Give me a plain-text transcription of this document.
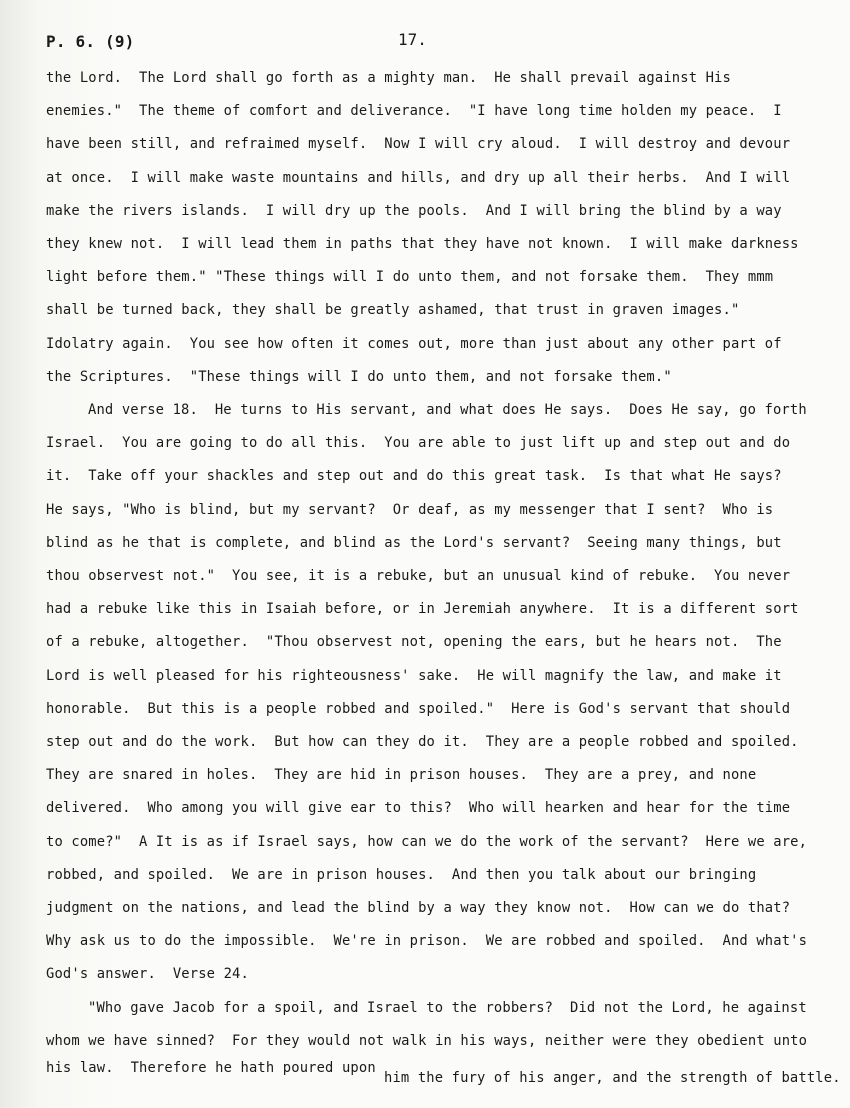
P. 6. (9)	17.
the Lord.  The Lord shall go forth as a mighty man.  He shall prevail against His
enemies."  The theme of comfort and deliverance.  "I have long time holden my peace.  I
have been still, and refraimed myself.  Now I will cry aloud.  I will destroy and devour
at once.  I will make waste mountains and hills, and dry up all their herbs.  And I will
make the rivers islands.  I will dry up the pools.  And I will bring the blind by a way
they knew not.  I will lead them in paths that they have not known.  I will make darkness
light before them." "These things will I do unto them, and not forsake them.  They mmm
shall be turned back, they shall be greatly ashamed, that trust in graven images."
Idolatry again.  You see how often it comes out, more than just about any other part of
the Scriptures.  "These things will I do unto them, and not forsake them."
And verse 18.  He turns to His servant, and what does He says.  Does He say, go forth
Israel.  You are going to do all this.  You are able to just lift up and step out and do
it.  Take off your shackles and step out and do this great task.  Is that what He says?
He says, "Who is blind, but my servant?  Or deaf, as my messenger that I sent?  Who is
blind as he that is complete, and blind as the Lord's servant?  Seeing many things, but
thou observest not."  You see, it is a rebuke, but an unusual kind of rebuke.  You never
had a rebuke like this in Isaiah before, or in Jeremiah anywhere.  It is a different sort
of a rebuke, altogether.  "Thou observest not, opening the ears, but he hears not.  The
Lord is well pleased for his righteousness' sake.  He will magnify the law, and make it
honorable.  But this is a people robbed and spoiled."  Here is God's servant that should
step out and do the work.  But how can they do it.  They are a people robbed and spoiled.
They are snared in holes.  They are hid in prison houses.  They are a prey, and none
delivered.  Who among you will give ear to this?  Who will hearken and hear for the time
to come?"  A It is as if Israel says, how can we do the work of the servant?  Here we are,
robbed, and spoiled.  We are in prison houses.  And then you talk about our bringing
judgment on the nations, and lead the blind by a way they know not.  How can we do that?
Why ask us to do the impossible.  We're in prison.  We are robbed and spoiled.  And what's
God's answer.  Verse 24.
"Who gave Jacob for a spoil, and Israel to the robbers?  Did not the Lord, he against
whom we have sinned?  For they would not walk in his ways, neither were they obedient unto
his law.  Therefore he hath poured upon
him the fury of his anger, and the strength of battle.
